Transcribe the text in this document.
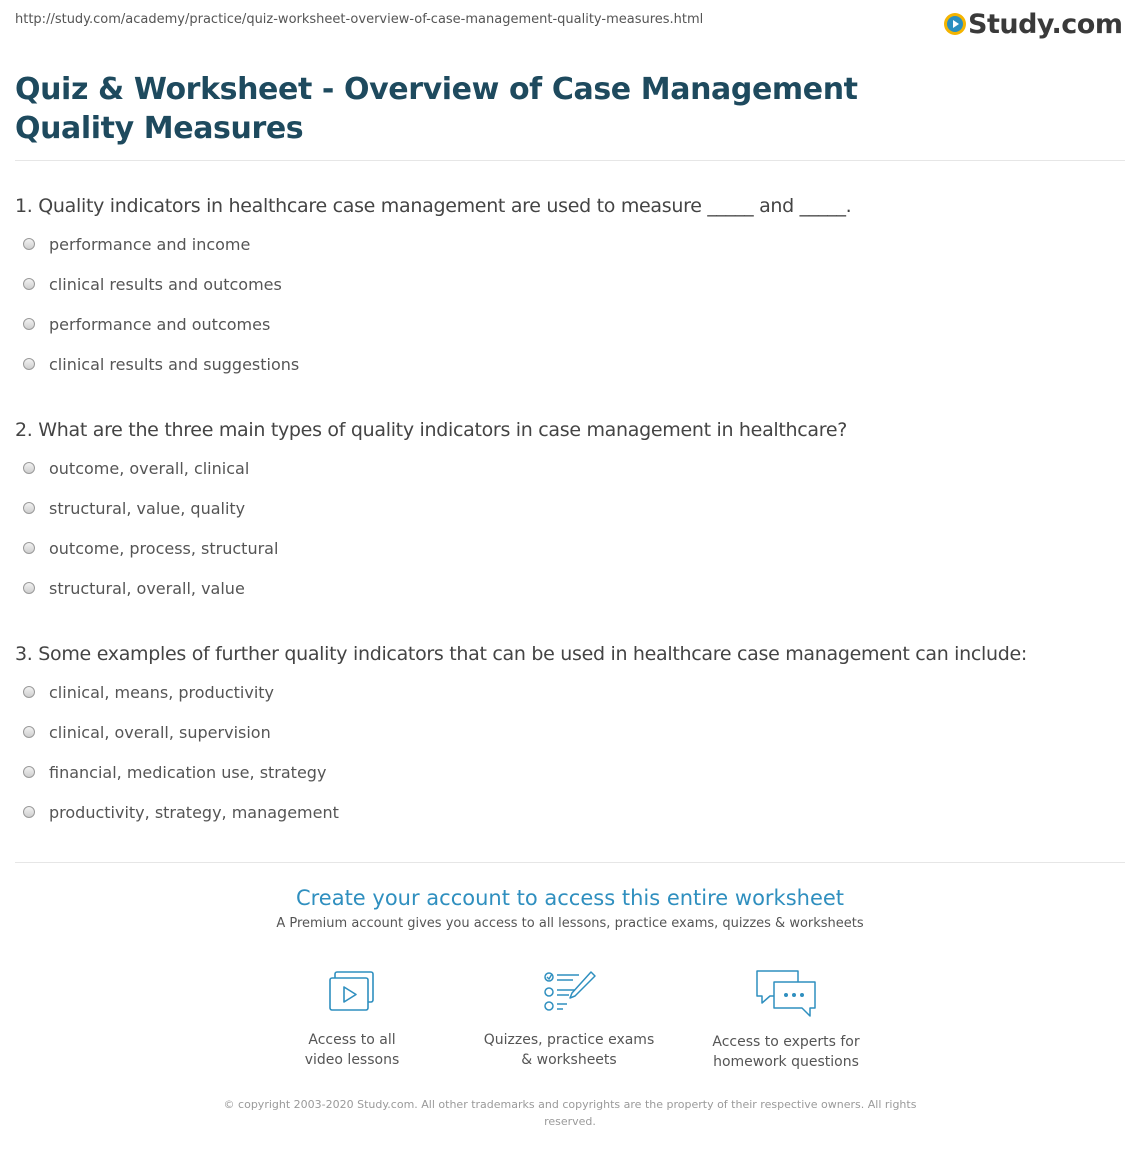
http://study.com/academy/practice/quiz-worksheet-overview-of-case-management-quality-measures.html	Study.com
Quiz & Worksheet - Overview of Case Management Quality Measures

1. Quality indicators in healthcare case management are used to measure _____ and _____.

performance and income
clinical results and outcomes
performance and outcomes
clinical results and suggestions

2. What are the three main types of quality indicators in case management in healthcare?

outcome, overall, clinical
structural, value, quality
outcome, process, structural
structural, overall, value

3. Some examples of further quality indicators that can be used in healthcare case management can include:

clinical, means, productivity
clinical, overall, supervision
financial, medication use, strategy
productivity, strategy, management

Create your account to access this entire worksheet

A Premium account gives you access to all lessons, practice exams, quizzes & worksheets
Access to all
video lessons
Quizzes, practice exams
& worksheets
Access to experts for
homework questions
© copyright 2003-2020 Study.com. All other trademarks and copyrights are the property of their respective owners. All rights reserved.
